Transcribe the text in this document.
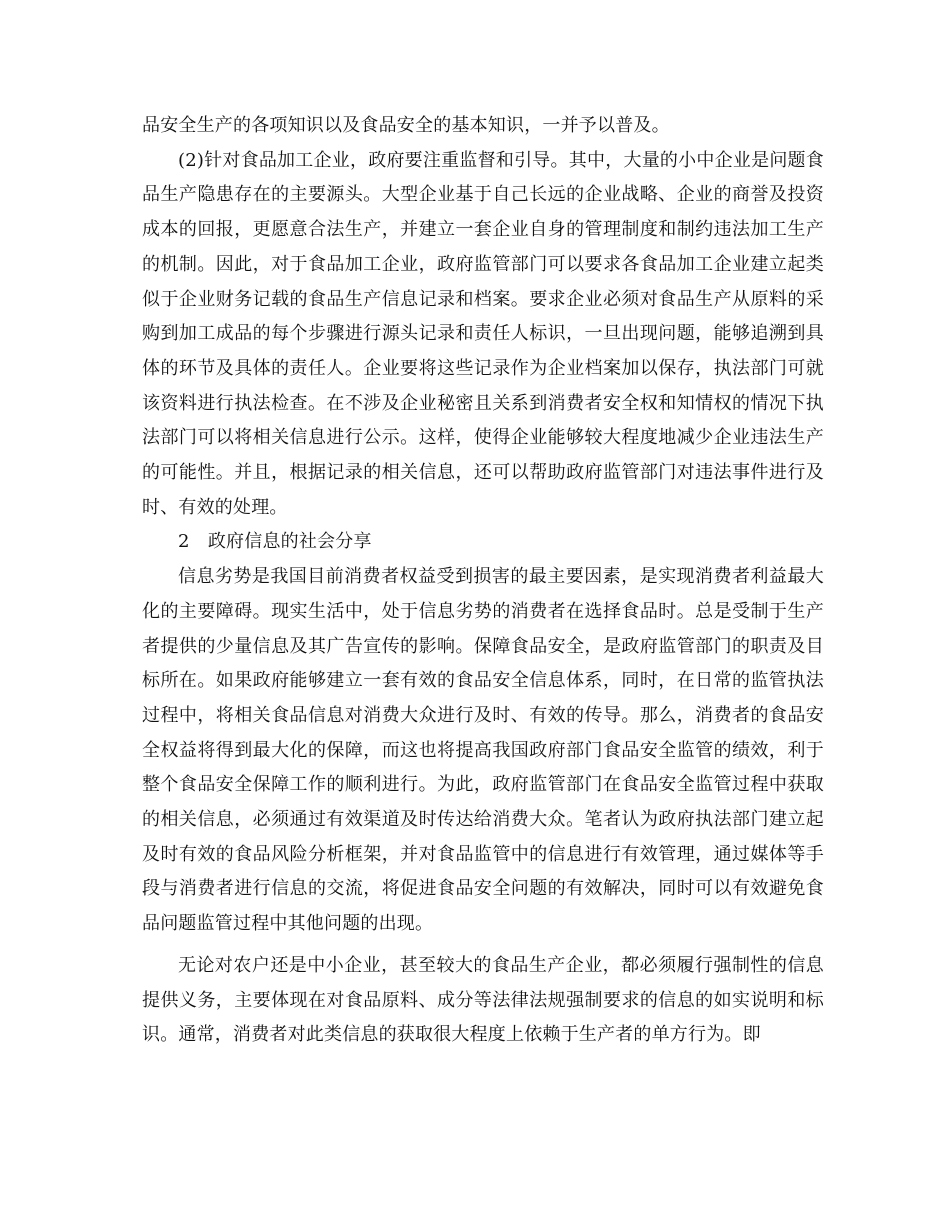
品安全生产的各项知识以及食品安全的基本知识，一并予以普及。

(2)针对食品加工企业，政府要注重监督和引导。其中，大量的小中企业是问题食品生产隐患存在的主要源头。大型企业基于自己长远的企业战略、企业的商誉及投资成本的回报，更愿意合法生产，并建立一套企业自身的管理制度和制约违法加工生产的机制。因此，对于食品加工企业，政府监管部门可以要求各食品加工企业建立起类似于企业财务记载的食品生产信息记录和档案。要求企业必须对食品生产从原料的采购到加工成品的每个步骤进行源头记录和责任人标识，一旦出现问题，能够追溯到具体的环节及具体的责任人。企业要将这些记录作为企业档案加以保存，执法部门可就该资料进行执法检查。在不涉及企业秘密且关系到消费者安全权和知情权的情况下执法部门可以将相关信息进行公示。这样，使得企业能够较大程度地减少企业违法生产的可能性。并且，根据记录的相关信息，还可以帮助政府监管部门对违法事件进行及时、有效的处理。

2　政府信息的社会分享

信息劣势是我国目前消费者权益受到损害的最主要因素，是实现消费者利益最大化的主要障碍。现实生活中，处于信息劣势的消费者在选择食品时。总是受制于生产者提供的少量信息及其广告宣传的影响。保障食品安全，是政府监管部门的职责及目标所在。如果政府能够建立一套有效的食品安全信息体系，同时，在日常的监管执法过程中，将相关食品信息对消费大众进行及时、有效的传导。那么，消费者的食品安全权益将得到最大化的保障，而这也将提高我国政府部门食品安全监管的绩效，利于整个食品安全保障工作的顺利进行。为此，政府监管部门在食品安全监管过程中获取的相关信息，必须通过有效渠道及时传达给消费大众。笔者认为政府执法部门建立起及时有效的食品风险分析框架，并对食品监管中的信息进行有效管理，通过媒体等手段与消费者进行信息的交流，将促进食品安全问题的有效解决，同时可以有效避免食品问题监管过程中其他问题的出现。

无论对农户还是中小企业，甚至较大的食品生产企业，都必须履行强制性的信息提供义务，主要体现在对食品原料、成分等法律法规强制要求的信息的如实说明和标识。通常，消费者对此类信息的获取很大程度上依赖于生产者的单方行为。即
